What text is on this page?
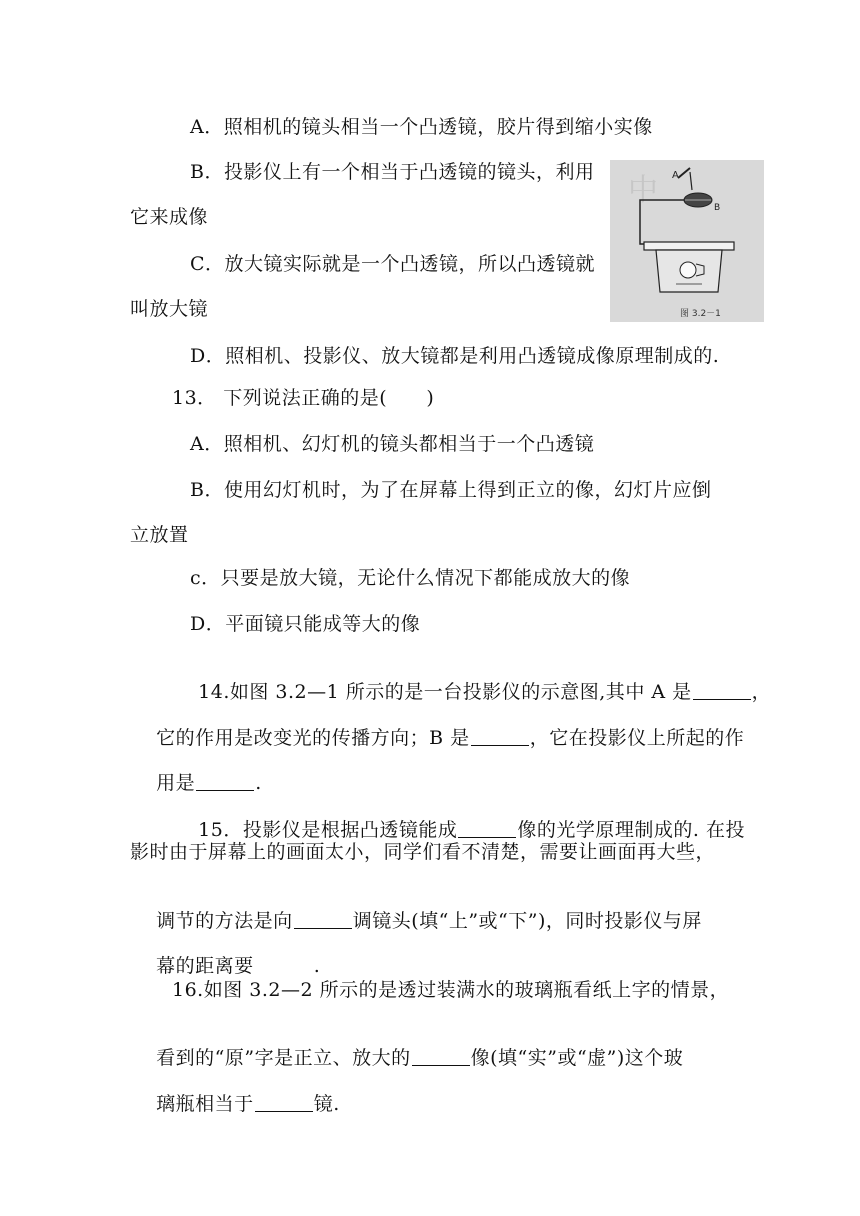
A．照相机的镜头相当一个凸透镜，胶片得到缩小实像
B．投影仪上有一个相当于凸透镜的镜头，利用
它来成像
C．放大镜实际就是一个凸透镜，所以凸透镜就
叫放大镜
D．照相机、投影仪、放大镜都是利用凸透镜成像原理制成的.
中 A
B
图 3.2－1
13． 下列说法正确的是(      )
A．照相机、幻灯机的镜头都相当于一个凸透镜
B．使用幻灯机时，为了在屏幕上得到正立的像，幻灯片应倒
立放置
c．只要是放大镜，无论什么情况下都能成放大的像
D．平面镜只能成等大的像

14.如图 3.2—1 所示的是一台投影仪的示意图,其中 A 是	，

它的作用是改变光的传播方向；B 是	，它在投影仪上所起的作

用是	.

15．投影仪是根据凸透镜能成	像的光学原理制成的. 在投

影时由于屏幕上的画面太小，同学们看不清楚，需要让画面再大些，

调节的方法是向	调镜头(填“上”或“下”)，同时投影仪与屏

幕的距离要	.

16.如图 3.2—2 所示的是透过装满水的玻璃瓶看纸上字的情景，

看到的“原”字是正立、放大的	像(填“实”或“虚”)这个玻

璃瓶相当于	镜.
